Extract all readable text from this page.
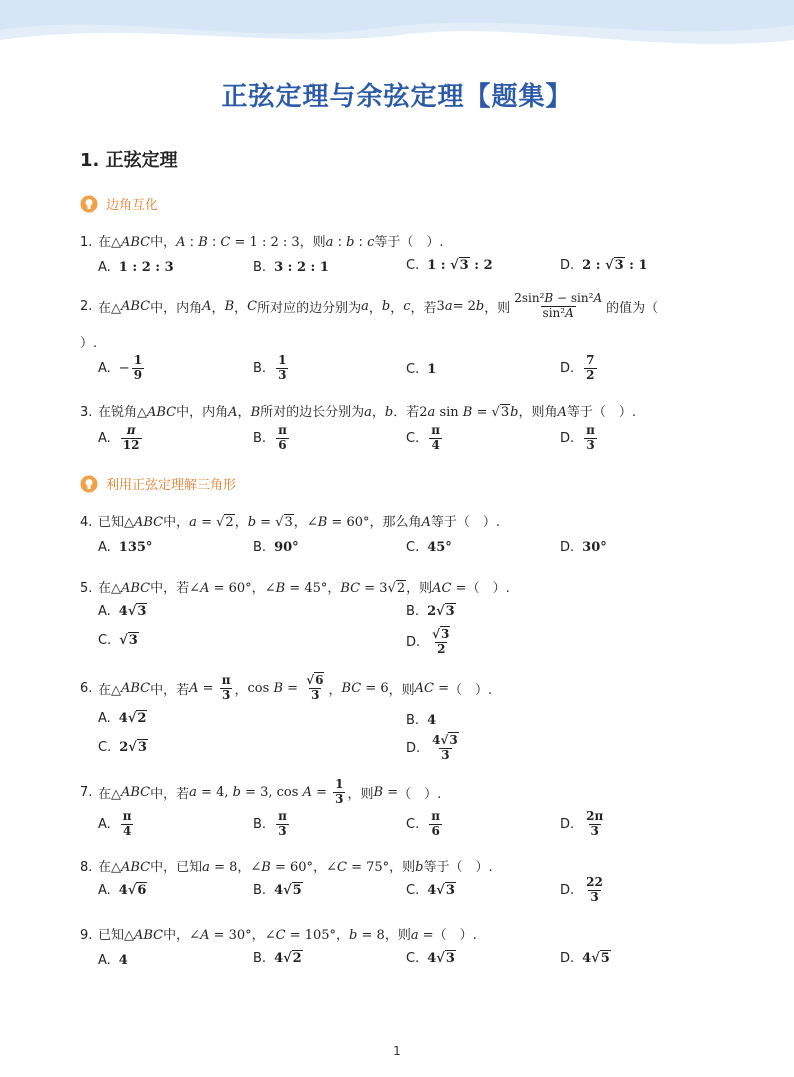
正弦定理与余弦定理【题集】
1. 正弦定理
边角互化
1. 在△ABC中，A : B : C = 1 : 2 : 3，则a : b : c等于（　）.
A. 1 : 2 : 3	B. 3 : 2 : 1	C. 1 : √3 : 2	D. 2 : √3 : 1
2. 在△ ABC 中，内角 A ， B ， C 所对应的边分别为 a ， b ， c ，若 3 a = 2 b ，则 $\frac{\text{2sin²B − sin²A}}{\text{sin²A}}$ 的值为（
）.
A. − $\frac{1}{9}$	B. $\frac{1}{3}$	C. 1	D. $\frac{7}{2}$
3. 在锐角△ABC中，内角A，B所对的边长分别为a，b．若2a sin B = √3b，则角A等于（　）.
A. $\frac{\pi}{12}$	B. $\frac{\pi}{6}$	C. $\frac{\pi}{4}$	D. $\frac{\pi}{3}$
利用正弦定理解三角形
4. 已知△ABC中，a = √2，b = √3，∠B = 60°，那么角A等于（　）.
A. 135°	B. 90°	C. 45°	D. 30°
5. 在△ABC中，若∠A = 60°，∠B = 45°，BC = 3√2，则AC =（　）.
A. 4√3	B. 2√3
C. √3	D. $\frac{√3}{2}$
6. 在△ ABC 中，若 $A = \frac{\pi}{3}$ ， cos
$B = \frac{√6}{3}$ ， BC = 6 ，则 AC = （　）.
A. 4√2	B. 4
C. 2√3	D. $\frac{4√3}{3}$
7. 在△ ABC 中，若 a = 4, b = 3, $\cos A = \frac{1}{3}$ ，则 B = （　）.
A. $\frac{\pi}{4}$	B. $\frac{\pi}{3}$	C. $\frac{\pi}{6}$	D. $\frac{2\pi}{3}$
8. 在△ABC中，已知a = 8，∠B = 60°，∠C = 75°，则b等于（　）.
A. 4√6	B. 4√5	C. 4√3	D. $\frac{22}{3}$
9. 已知△ABC中，∠A = 30°，∠C = 105°，b = 8，则a =（　）.
A. 4	B. 4√2	C. 4√3	D. 4√5
1
